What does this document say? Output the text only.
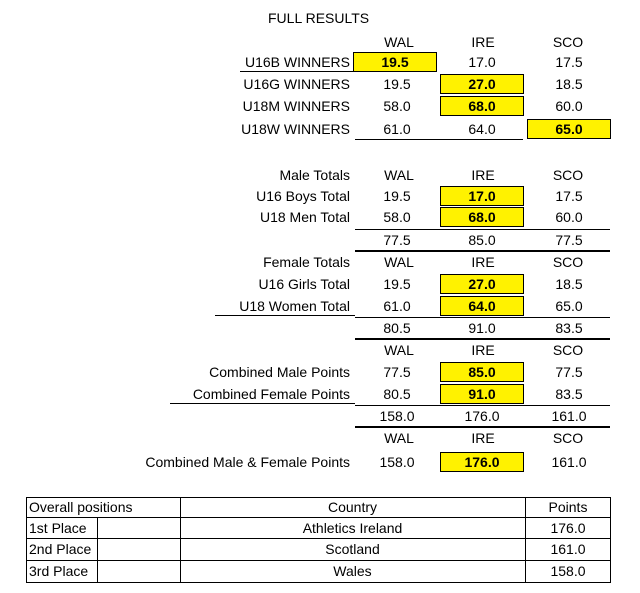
FULL RESULTS
WAL	IRE	SCO
U16B WINNERS	19.5	17.0	17.5
U16G WINNERS	19.5	27.0	18.5
U18M WINNERS	58.0	68.0	60.0
U18W WINNERS	61.0	64.0	65.0
Male Totals	WAL	IRE	SCO
U16 Boys Total	19.5	17.0	17.5
U18 Men Total	58.0	68.0	60.0
77.5	85.0	77.5
Female Totals	WAL	IRE	SCO
U16 Girls Total	19.5	27.0	18.5
U18 Women Total	61.0	64.0	65.0
80.5	91.0	83.5
WAL	IRE	SCO
Combined Male Points	77.5	85.0	77.5
Combined Female Points	80.5	91.0	83.5
158.0	176.0	161.0
WAL	IRE	SCO
Combined Male & Female Points	158.0	176.0	161.0
Overall positions	Country	Points
1st Place	Athletics Ireland	176.0
2nd Place	Scotland	161.0
3rd Place	Wales	158.0
